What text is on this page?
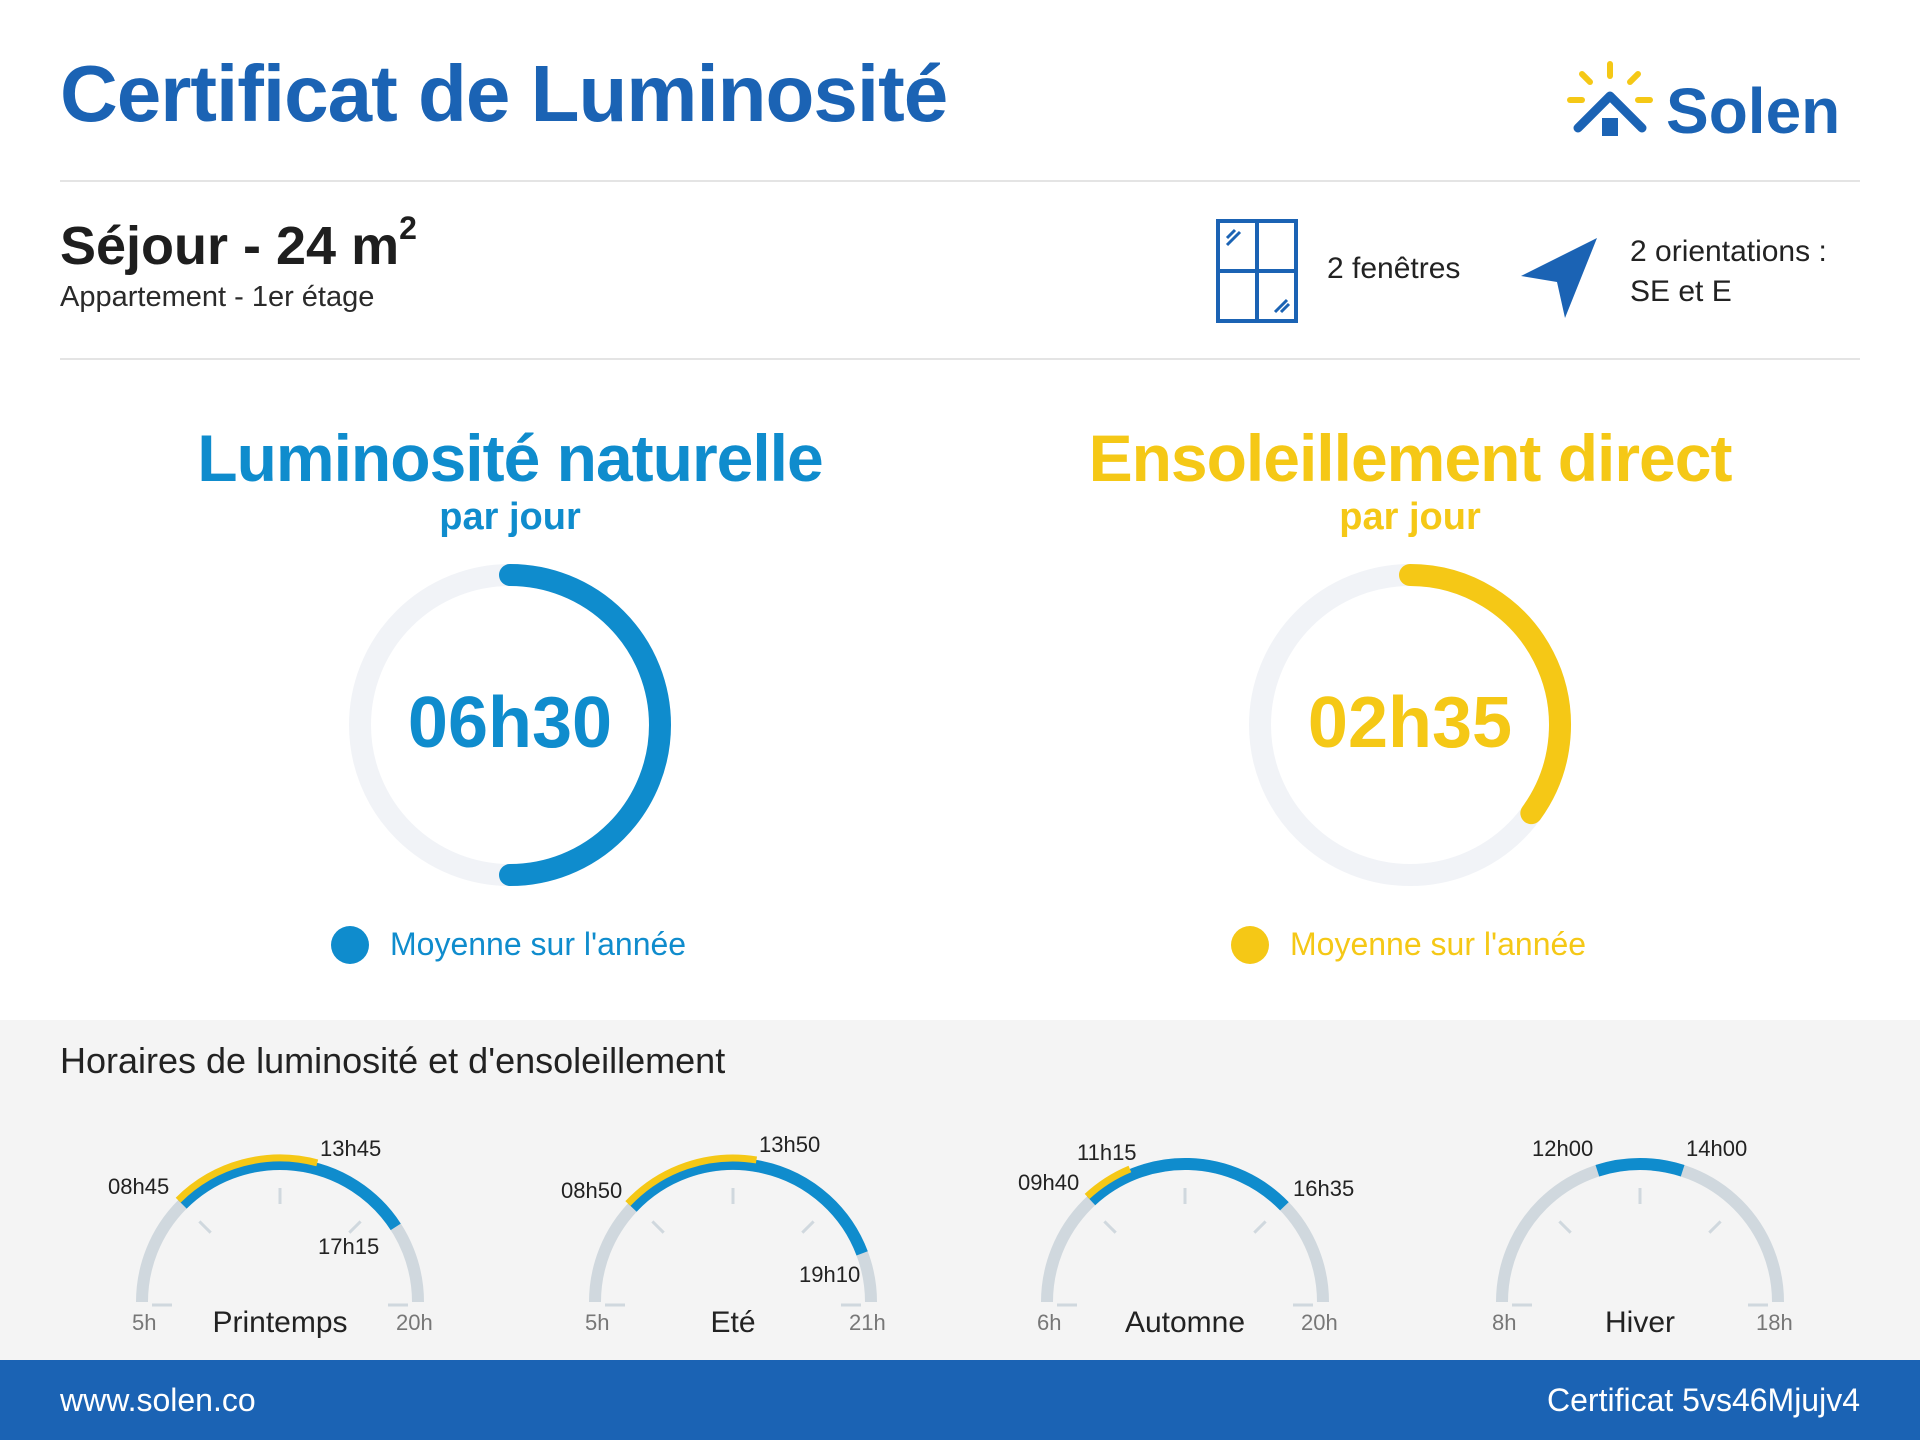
Certificat de Luminosité	Solen
Séjour - 24 $m^2$
Appartement - 1er étage
2 fenêtres
2 orientations :
SE et E
Luminosité naturelle
par jour
06h30
Moyenne sur l'année
Ensoleillement direct
par jour
02h35
Moyenne sur l'année
Horaires de luminosité et d'ensoleillement
5h	20h
Printemps
08h45
17h15
13h45
5h	21h
Eté
08h50
19h10
13h50
6h	20h
Automne
09h40	16h35
11h15
8h	18h
Hiver
12h00	14h00
www.solen.co	Certificat 5vs46Mjujv4
